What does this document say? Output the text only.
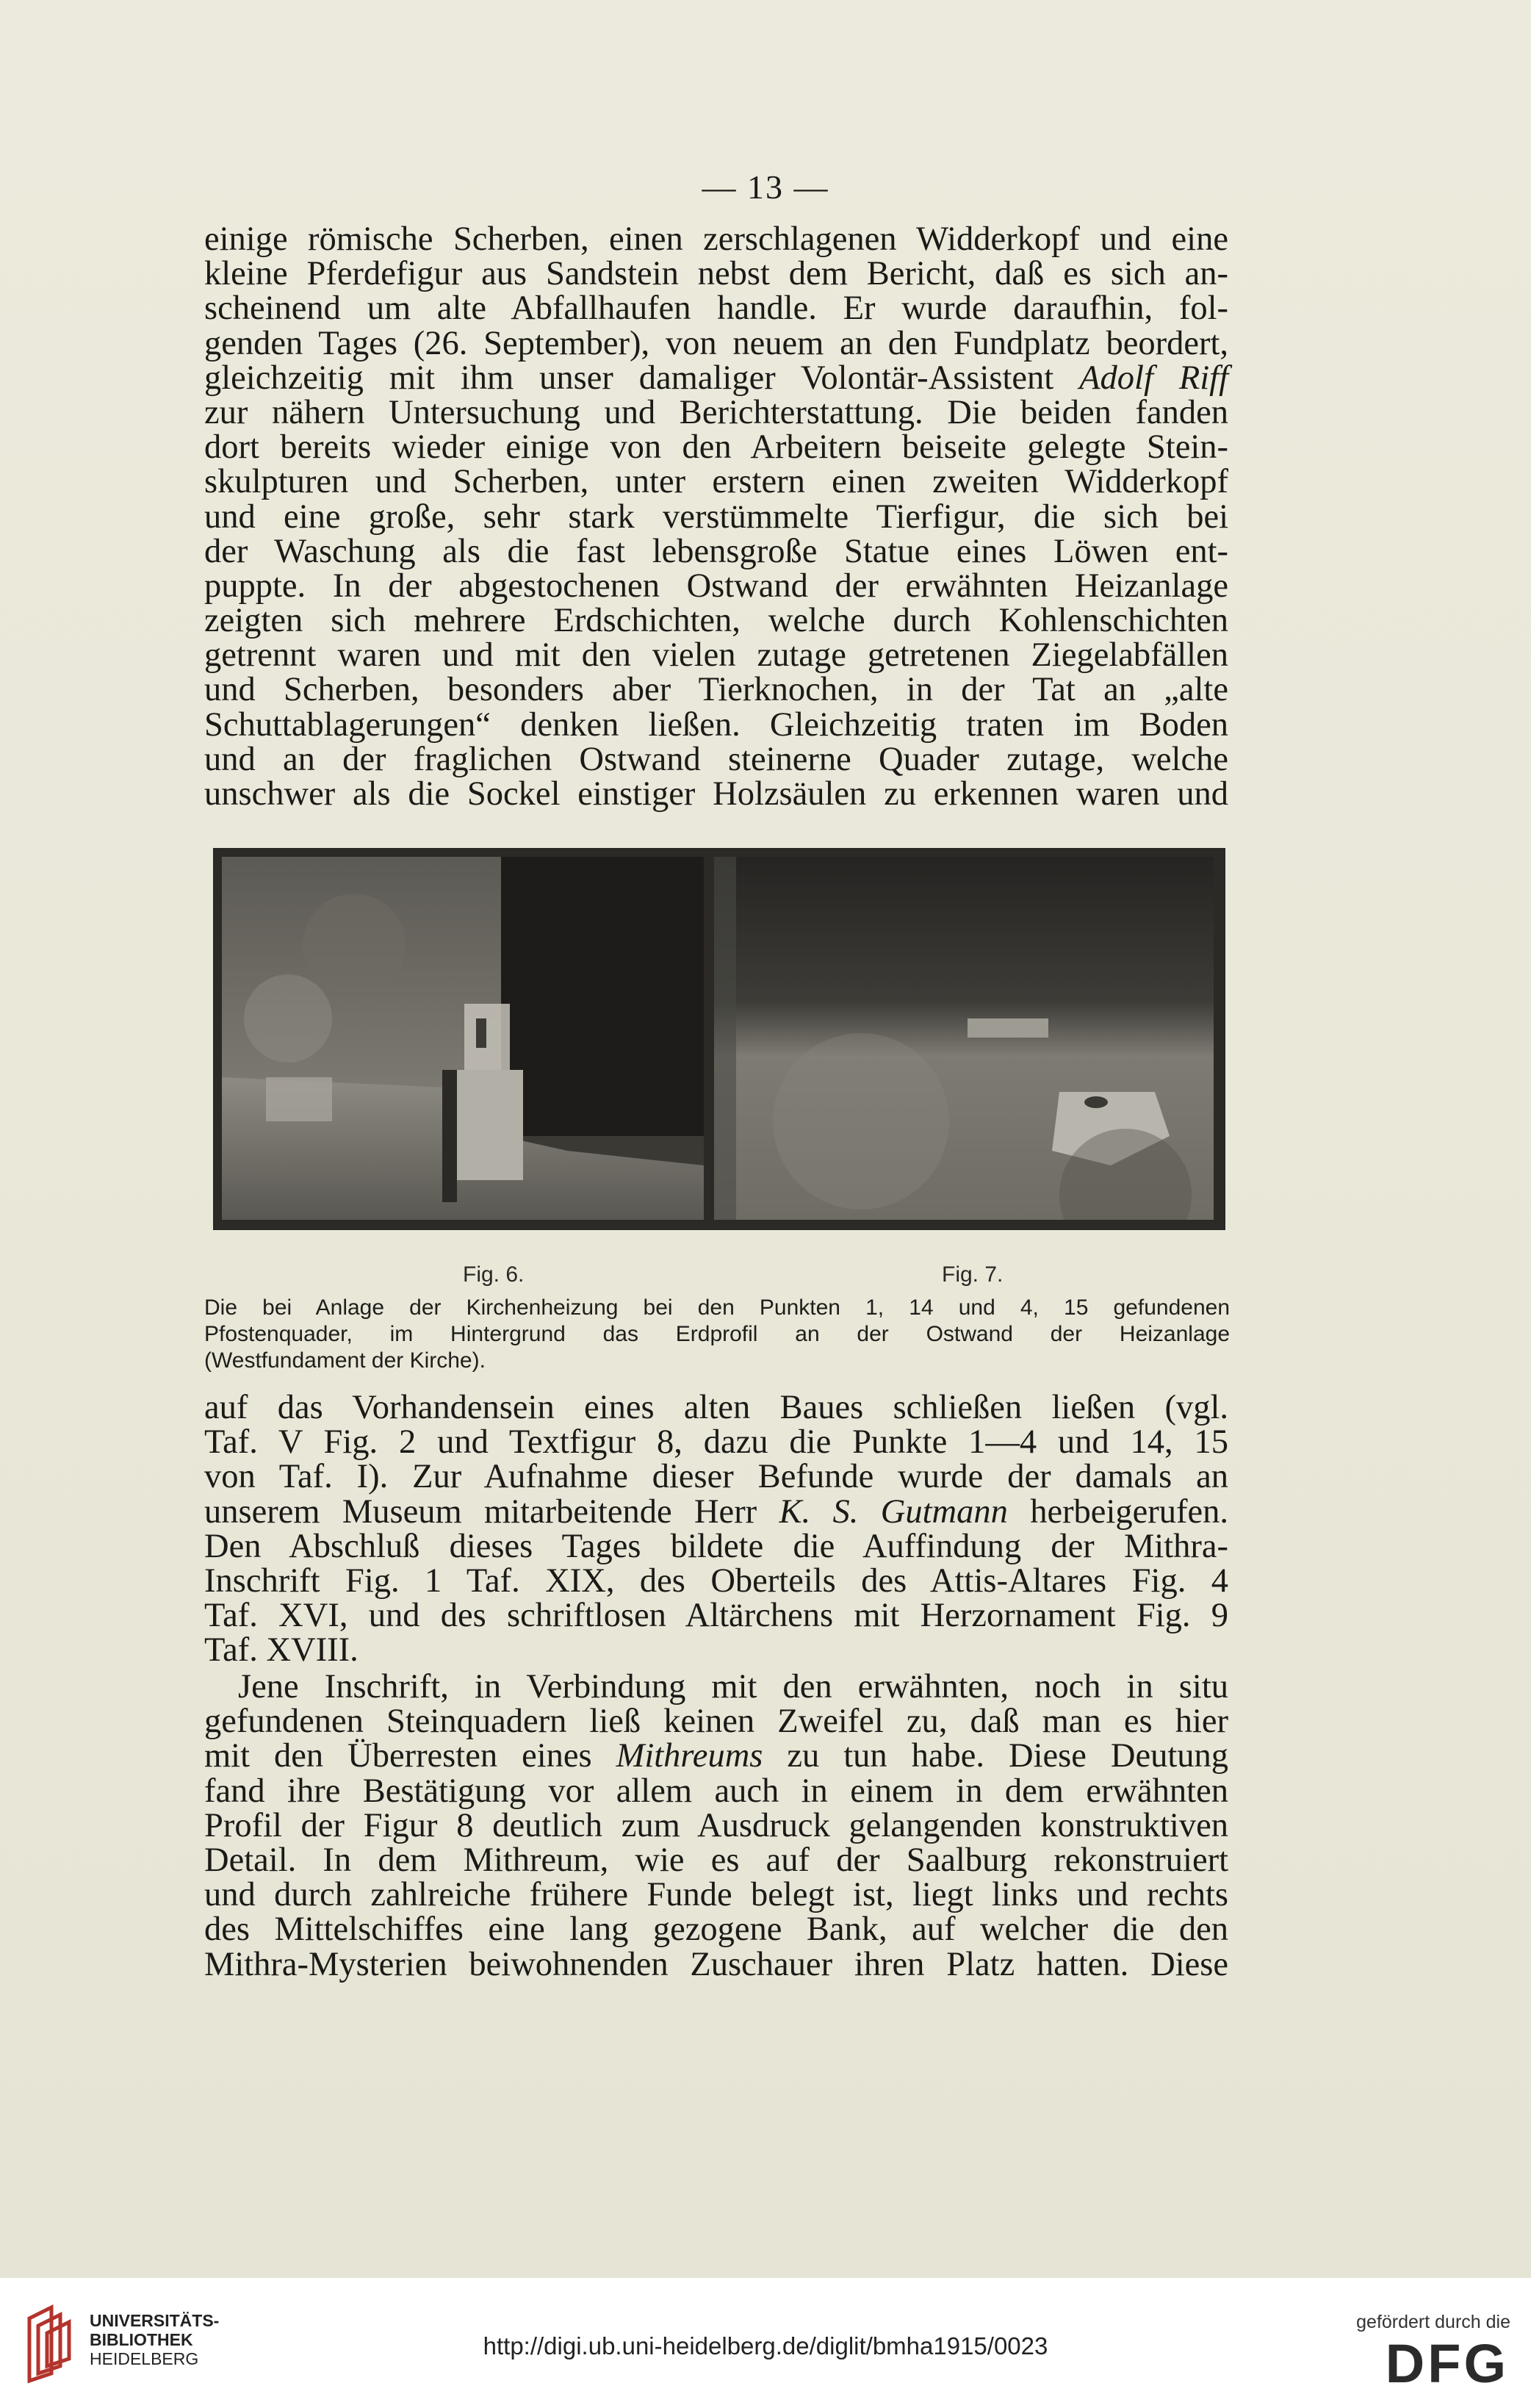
— 13 —
einige römische Scherben, einen zerschlagenen Widderkopf und eine
kleine Pferdefigur aus Sandstein nebst dem Bericht, daß es sich an-
scheinend um alte Abfallhaufen handle. Er wurde daraufhin, fol-
genden Tages (26. September), von neuem an den Fundplatz beordert,
gleichzeitig mit ihm unser damaliger Volontär-Assistent Adolf Riff
zur nähern Untersuchung und Berichterstattung. Die beiden fanden
dort bereits wieder einige von den Arbeitern beiseite gelegte Stein-
skulpturen und Scherben, unter erstern einen zweiten Widderkopf
und eine große, sehr stark verstümmelte Tierfigur, die sich bei
der Waschung als die fast lebensgroße Statue eines Löwen ent-
puppte. In der abgestochenen Ostwand der erwähnten Heizanlage
zeigten sich mehrere Erdschichten, welche durch Kohlenschichten
getrennt waren und mit den vielen zutage getretenen Ziegelabfällen
und Scherben, besonders aber Tierknochen, in der Tat an „alte
Schuttablagerungen“ denken ließen. Gleichzeitig traten im Boden
und an der fraglichen Ostwand steinerne Quader zutage, welche
unschwer als die Sockel einstiger Holzsäulen zu erkennen waren und
Fig. 6.	Fig. 7.
Die bei Anlage der Kirchenheizung bei den Punkten 1, 14 und 4, 15 gefundenen
Pfostenquader, im Hintergrund das Erdprofil an der Ostwand der Heizanlage
(Westfundament der Kirche).
auf das Vorhandensein eines alten Baues schließen ließen (vgl.
Taf. V Fig. 2 und Textfigur 8, dazu die Punkte 1—4 und 14, 15
von Taf. I). Zur Aufnahme dieser Befunde wurde der damals an
unserem Museum mitarbeitende Herr K. S. Gutmann herbeigerufen.
Den Abschluß dieses Tages bildete die Auffindung der Mithra-
Inschrift Fig. 1 Taf. XIX, des Oberteils des Attis-Altares Fig. 4
Taf. XVI, und des schriftlosen Altärchens mit Herzornament Fig. 9
Taf. XVIII.
Jene Inschrift, in Verbindung mit den erwähnten, noch in situ
gefundenen Steinquadern ließ keinen Zweifel zu, daß man es hier
mit den Überresten eines Mithreums zu tun habe. Diese Deutung
fand ihre Bestätigung vor allem auch in einem in dem erwähnten
Profil der Figur 8 deutlich zum Ausdruck gelangenden konstruktiven
Detail. In dem Mithreum, wie es auf der Saalburg rekonstruiert
und durch zahlreiche frühere Funde belegt ist, liegt links und rechts
des Mittelschiffes eine lang gezogene Bank, auf welcher die den
Mithra-Mysterien beiwohnenden Zuschauer ihren Platz hatten. Diese
UNIVERSITÄTS-
BIBLIOTHEK
HEIDELBERG	http://digi.ub.uni-heidelberg.de/diglit/bmha1915/0023
gefördert durch die
DFG
